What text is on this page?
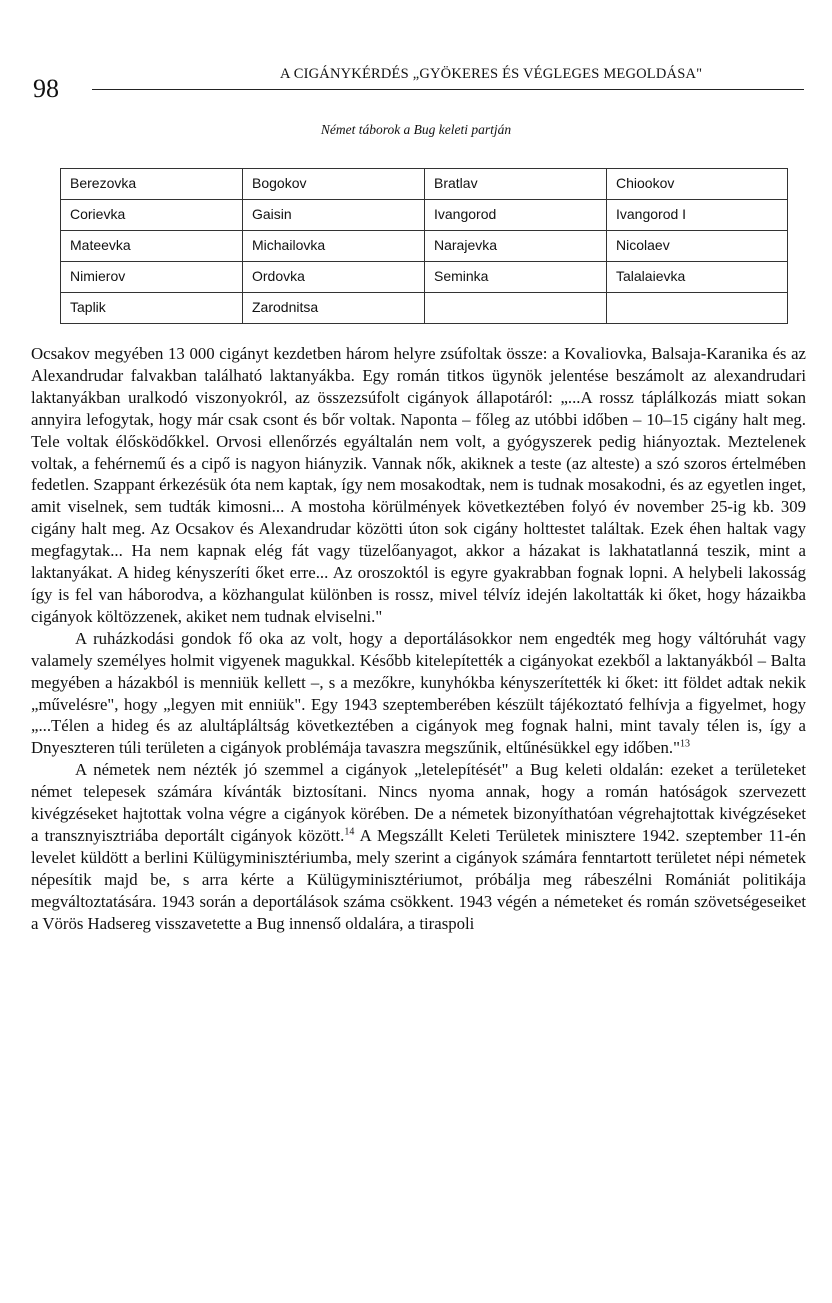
98	A CIGÁNYKÉRDÉS „GYÖKERES ÉS VÉGLEGES MEGOLDÁSA"
Német táborok a Bug keleti partján
Berezovka	Bogokov	Bratlav	Chiookov
Corievka	Gaisin	Ivangorod	Ivangorod I
Mateevka	Michailovka	Narajevka	Nicolaev
Nimierov	Ordovka	Seminka	Talalaievka
Taplik	Zarodnitsa

Ocsakov megyében 13 000 cigányt kezdetben három helyre zsúfoltak össze: a Kovaliovka, Balsaja-Karanika és az Alexandrudar falvakban található laktanyákba. Egy román titkos ügynök jelentése beszámolt az alexandrudari laktanyákban uralkodó viszonyokról, az összezsúfolt cigányok állapotáról: „...A rossz táplálkozás miatt sokan annyira lefogytak, hogy már csak csont és bőr voltak. Naponta – főleg az utóbbi időben – 10–15 cigány halt meg. Tele voltak élősködőkkel. Orvosi ellenőrzés egyáltalán nem volt, a gyógyszerek pedig hiányoztak. Meztelenek voltak, a fehérnemű és a cipő is nagyon hiányzik. Vannak nők, akiknek a teste (az alteste) a szó szoros értelmében fedetlen. Szappant érkezésük óta nem kaptak, így nem mosakodtak, nem is tudnak mosakodni, és az egyetlen inget, amit viselnek, sem tudták kimosni... A mostoha körülmények következtében folyó év november 25-ig kb. 309 cigány halt meg. Az Ocsakov és Alexandrudar közötti úton sok cigány holttestet találtak. Ezek éhen haltak vagy megfagytak... Ha nem kapnak elég fát vagy tüzelőanyagot, akkor a házakat is lakhatatlanná teszik, mint a laktanyákat. A hideg kényszeríti őket erre... Az oroszoktól is egyre gyakrabban fognak lopni. A helybeli lakosság így is fel van háborodva, a közhangulat különben is rossz, mivel télvíz idején lakoltatták ki őket, hogy házaikba cigányok költözzenek, akiket nem tudnak elviselni."

A ruházkodási gondok fő oka az volt, hogy a deportálásokkor nem engedték meg hogy váltóruhát vagy valamely személyes holmit vigyenek magukkal. Később kitelepítették a cigányokat ezekből a laktanyákból – Balta megyében a házakból is menniük kellett –, s a mezőkre, kunyhókba kényszerítették ki őket: itt földet adtak nekik „művelésre", hogy „legyen mit enniük". Egy 1943 szeptemberében készült tájékoztató felhívja a figyelmet, hogy „...Télen a hideg és az alultápláltság következtében a cigányok meg fognak halni, mint tavaly télen is, így a Dnyeszteren túli területen a cigányok problémája tavaszra megszűnik, eltűnésükkel egy időben."$^{13}$

A németek nem nézték jó szemmel a cigányok „letelepítését" a Bug keleti oldalán: ezeket a területeket német telepesek számára kívánták biztosítani. Nincs nyoma annak, hogy a román hatóságok szervezett kivégzéseket hajtottak volna végre a cigányok körében. De a németek bizonyíthatóan végrehajtottak kivégzéseket a transznyisztriába deportált cigányok között.$^{14}$ A Megszállt Keleti Területek minisztere 1942. szeptember 11-én levelet küldött a berlini Külügyminisztériumba, mely szerint a cigányok számára fenntartott területet népi németek népesítik majd be, s arra kérte a Külügyminisztériumot, próbálja meg rábeszélni Romániát politikája megváltoztatására. 1943 során a deportálások száma csökkent. 1943 végén a németeket és román szövetségeseiket a Vörös Hadsereg visszavetette a Bug innenső oldalára, a tiraspoli
